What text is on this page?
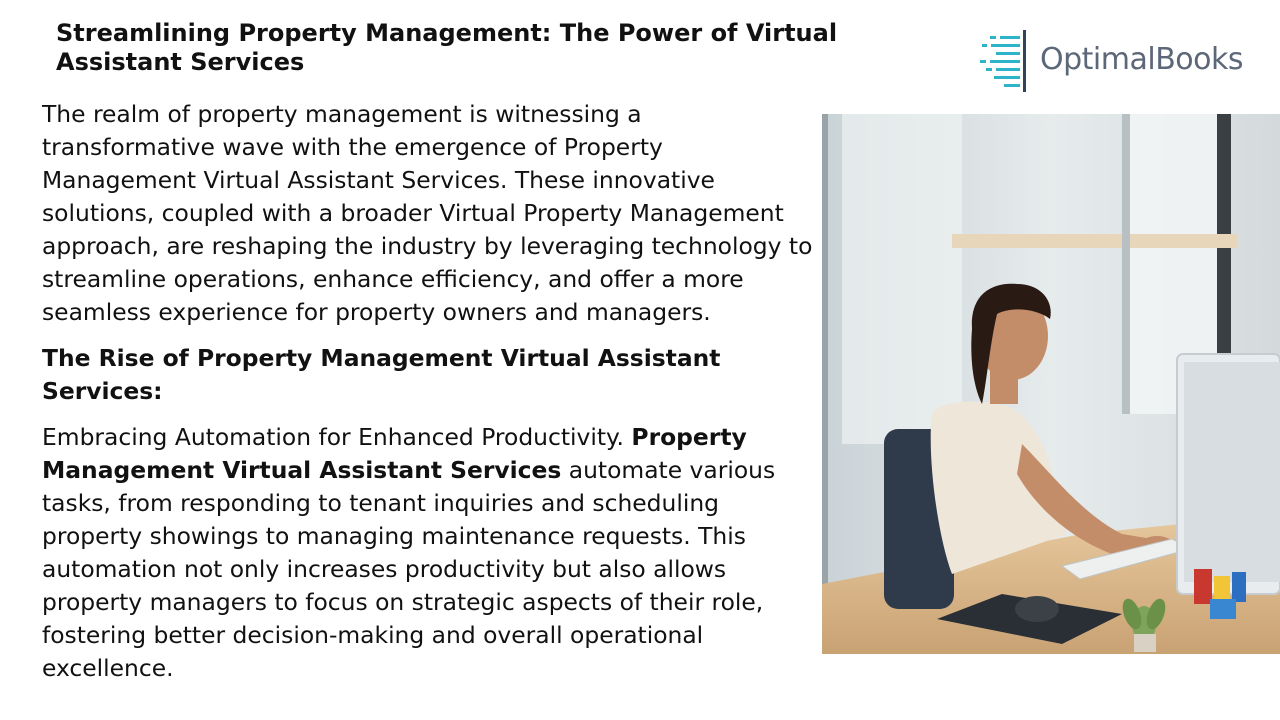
Streamlining Property Management: The Power of Virtual Assistant Services	OptimalBooks

The realm of property management is witnessing a transformative wave with the emergence of Property Management Virtual Assistant Services. These innovative solutions, coupled with a broader Virtual Property Management approach, are reshaping the industry by leveraging technology to streamline operations, enhance efficiency, and offer a more seamless experience for property owners and managers.

The Rise of Property Management Virtual Assistant Services:

Embracing Automation for Enhanced Productivity. Property Management Virtual Assistant Services automate various tasks, from responding to tenant inquiries and scheduling property showings to managing maintenance requests. This automation not only increases productivity but also allows property managers to focus on strategic aspects of their role, fostering better decision-making and overall operational excellence.
